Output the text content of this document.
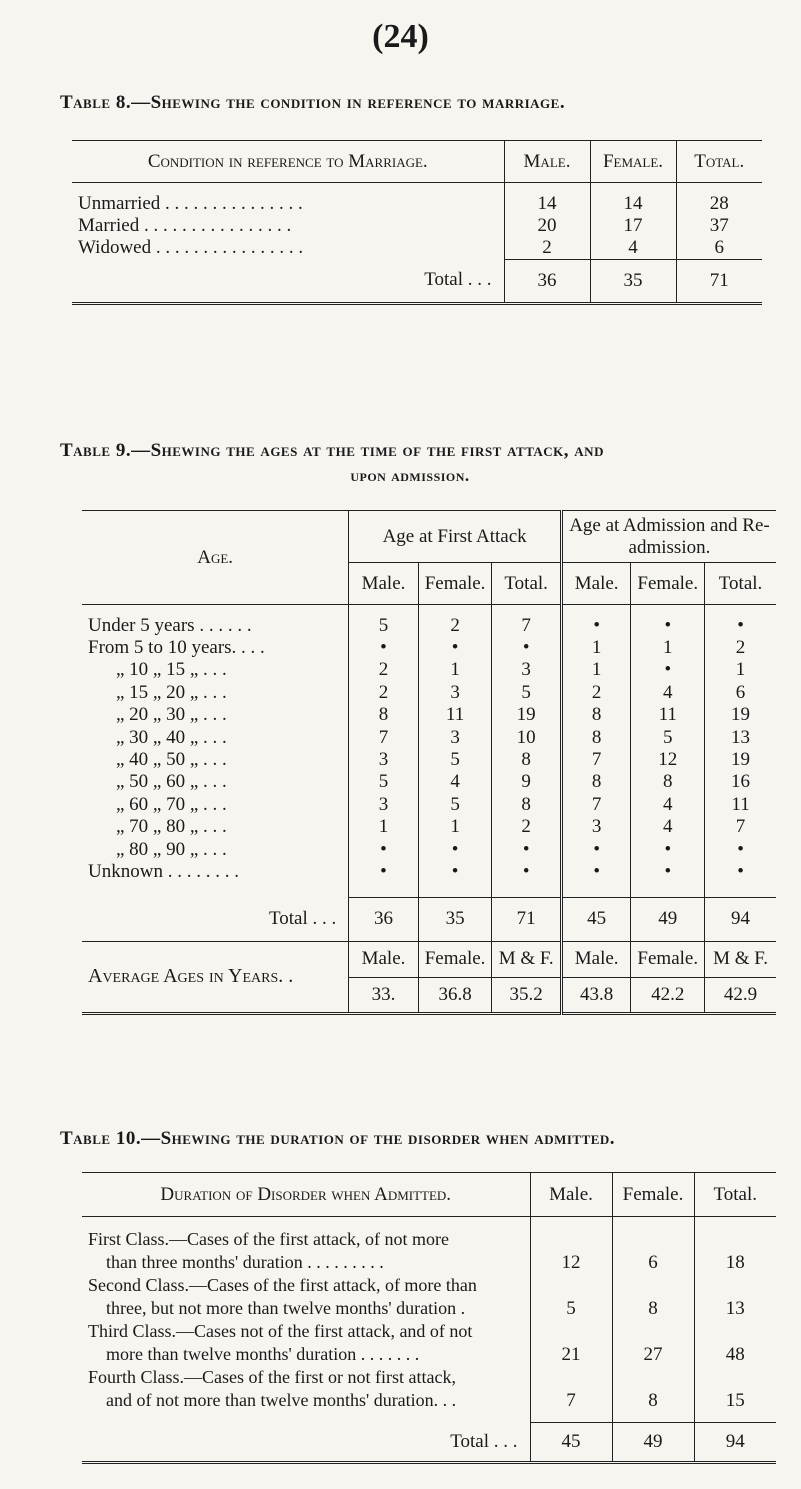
(24)
Table 8.—Shewing the condition in reference to marriage.
Condition in reference to Marriage.	Male.	Female.	Total.

Unmarried . . . . . . . . . . . . . . .	14	14	28
Married . . . . . . . . . . . . . . . .	20	17	37
Widowed . . . . . . . . . . . . . . . .	2	4	6
Total . . .	36	35	71
Table 9.—Shewing the ages at the time of the first attack, and
upon admission.
Age.	Age at First Attack			Age at Admission and Re-admission.		
	Male.	Female.	Total.	Male.	Female.	Total.

Under 5 years . . . . . .	5	2	7	•	•	•
From 5 to 10 years. . . .	•	•	•	1	1	2
„ 10 „ 15 „ . . .	2	1	3	1	•	1
„ 15 „ 20 „ . . .	2	3	5	2	4	6
„ 20 „ 30 „ . . .	8	11	19	8	11	19
„ 30 „ 40 „ . . .	7	3	10	8	5	13
„ 40 „ 50 „ . . .	3	5	8	7	12	19
„ 50 „ 60 „ . . .	5	4	9	8	8	16
„ 60 „ 70 „ . . .	3	5	8	7	4	11
„ 70 „ 80 „ . . .	1	1	2	3	4	7
„ 80 „ 90 „ . . .	•	•	•	•	•	•
Unknown . . . . . . . .	•	•	•	•	•	•

Total . . .	36	35	71	45	49	94
Average Ages in Years. .	Male.	Female.	M & F.	Male.	Female.	M & F.
	33.	36.8	35.2	43.8	42.2	42.9
Table 10.—Shewing the duration of the disorder when admitted.
Duration of Disorder when Admitted.	Male.	Female.	Total.

First Class.—Cases of the first attack, of not more			
than three months' duration . . . . . . . . .	12	6	18
Second Class.—Cases of the first attack, of more than			
three, but not more than twelve months' duration .	5	8	13
Third Class.—Cases not of the first attack, and of not			
more than twelve months' duration . . . . . . .	21	27	48
Fourth Class.—Cases of the first or not first attack,			
and of not more than twelve months' duration. . .	7	8	15

Total . . .	45	49	94
